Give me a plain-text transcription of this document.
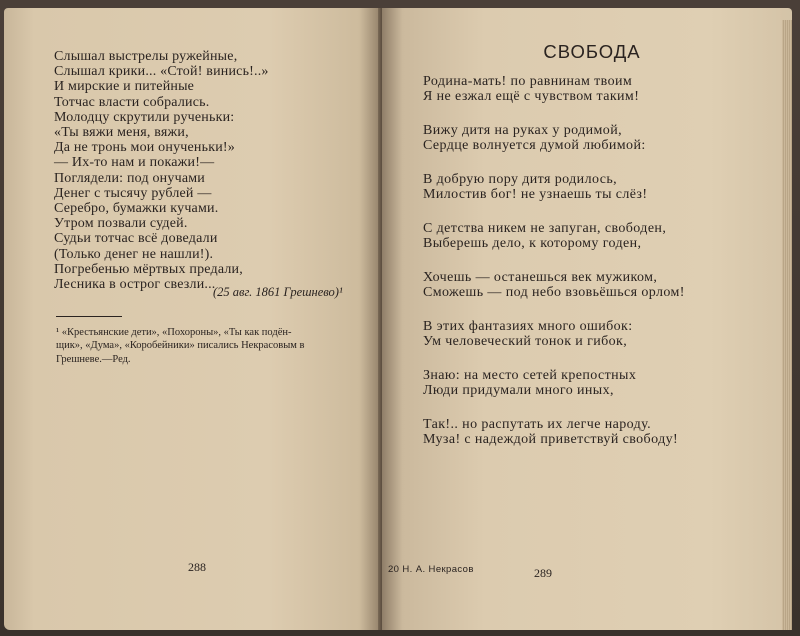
Слышал выстрелы ружейные,
Слышал крики... «Стой! винись!..»
И мирские и питейные
Тотчас власти собрались.
Молодцу скрутили рученьки:
«Ты вяжи меня, вяжи,
Да не тронь мои онученьки!»
— Их-то нам и покажи!—
Поглядели: под онучами
Денег с тысячу рублей —
Серебро, бумажки кучами.
Утром позвали судей.
Судьи тотчас всё доведали
(Только денег не нашли!).
Погребенью мёртвых предали,
Лесника в острог свезли...
(25 авг. 1861 Грешнево)¹
¹ «Крестьянские дети», «Похороны», «Ты как подён-
щик», «Дума», «Коробейники» писались Некрасовым в
Грешневе.—Ред.
288
СВОБОДА
Родина-мать! по равнинам твоим
Я не езжал ещё с чувством таким!
Вижу дитя на руках у родимой,
Сердце волнуется думой любимой:
В добрую пору дитя родилось,
Милостив бог! не узнаешь ты слёз!
С детства никем не запуган, свободен,
Выберешь дело, к которому годен,
Хочешь — останешься век мужиком,
Сможешь — под небо взовьёшься орлом!
В этих фантазиях много ошибок:
Ум человеческий тонок и гибок,
Знаю: на место сетей крепостных
Люди придумали много иных,
Так!.. но распутать их легче народу.
Муза! с надеждой приветствуй свободу!
20 Н. А. Некрасов	289
